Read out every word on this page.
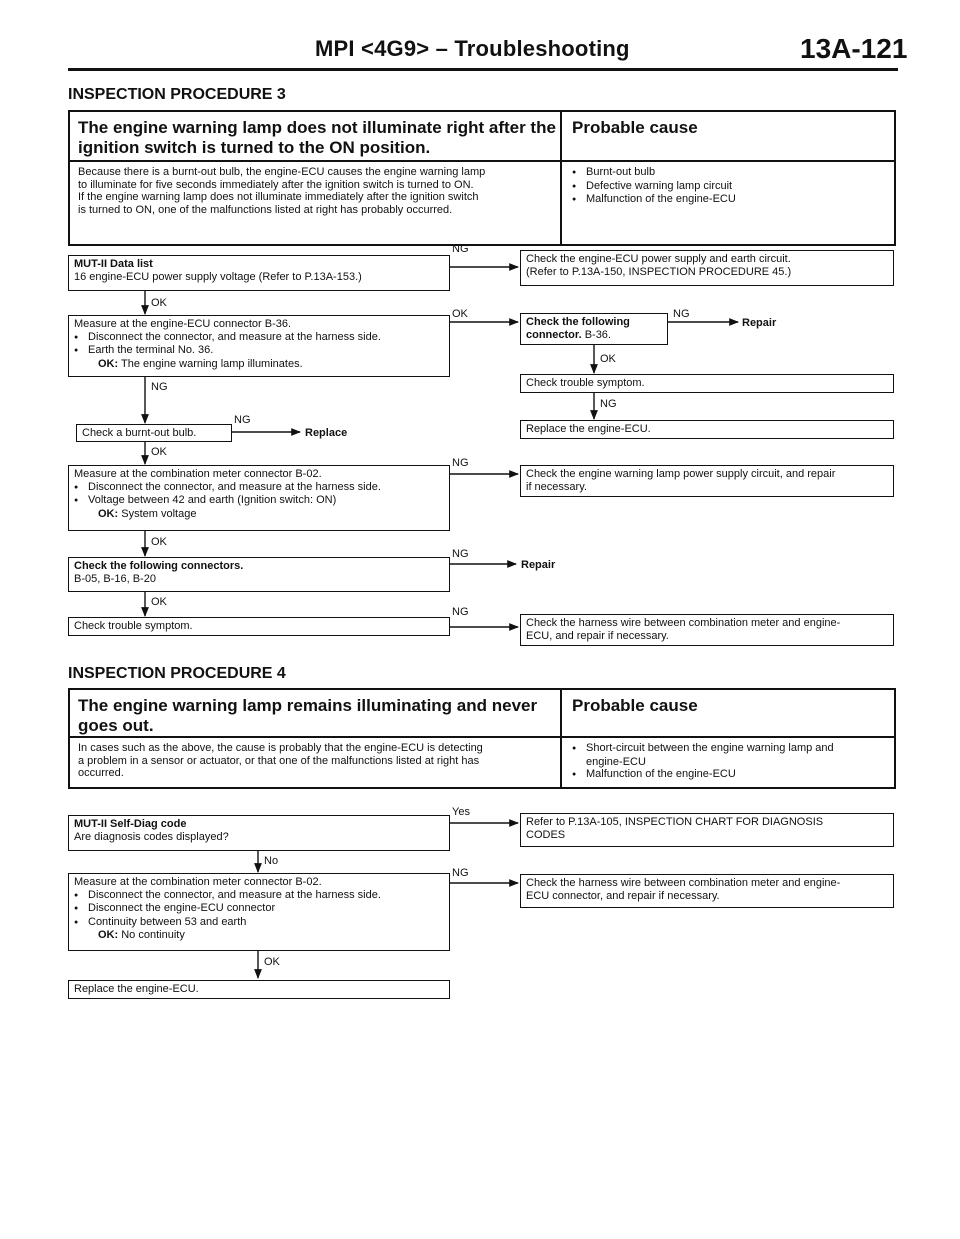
MPI <4G9> – Troubleshooting	13A-121
INSPECTION PROCEDURE 3
The engine warning lamp does not illuminate right after the ignition switch is turned to the ON position.
Probable cause
Because there is a burnt-out bulb, the engine-ECU causes the engine warning lamp
to illuminate for five seconds immediately after the ignition switch is turned to ON.
If the engine warning lamp does not illuminate immediately after the ignition switch
is turned to ON, one of the malfunctions listed at right has probably occurred.
● Burnt-out bulb
● Defective warning lamp circuit
● Malfunction of the engine-ECU
MUT-II Data list
16 engine-ECU power supply voltage (Refer to P.13A-153.)
NG
Check the engine-ECU power supply and earth circuit.
(Refer to P.13A-150, INSPECTION PROCEDURE 45.)
OK
Measure at the engine-ECU connector B-36.
● Disconnect the connector, and measure at the harness side.
● Earth the terminal No. 36.
OK: The engine warning lamp illuminates.
OK
Check the following
connector. B-36.
NG
Repair
OK
Check trouble symptom.
NG
NG
Replace the engine-ECU.
Check a burnt-out bulb.
NG
Replace
OK
Measure at the combination meter connector B-02.
● Disconnect the connector, and measure at the harness side.
● Voltage between 42 and earth (Ignition switch: ON)
OK: System voltage
NG
Check the engine warning lamp power supply circuit, and repair
if necessary.
OK
Check the following connectors.
B-05, B-16, B-20
NG
Repair
OK
Check trouble symptom.
NG
Check the harness wire between combination meter and engine-
ECU, and repair if necessary.
INSPECTION PROCEDURE 4
The engine warning lamp remains illuminating and never goes out.
Probable cause
In cases such as the above, the cause is probably that the engine-ECU is detecting
a problem in a sensor or actuator, or that one of the malfunctions listed at right has
occurred.
● Short-circuit between the engine warning lamp and
engine-ECU
● Malfunction of the engine-ECU
MUT-II Self-Diag code
Are diagnosis codes displayed?
Yes
Refer to P.13A-105, INSPECTION CHART FOR DIAGNOSIS
CODES
No
Measure at the combination meter connector B-02.
● Disconnect the connector, and measure at the harness side.
● Disconnect the engine-ECU connector
● Continuity between 53 and earth
OK: No continuity
NG
Check the harness wire between combination meter and engine-
ECU connector, and repair if necessary.
OK
Replace the engine-ECU.
